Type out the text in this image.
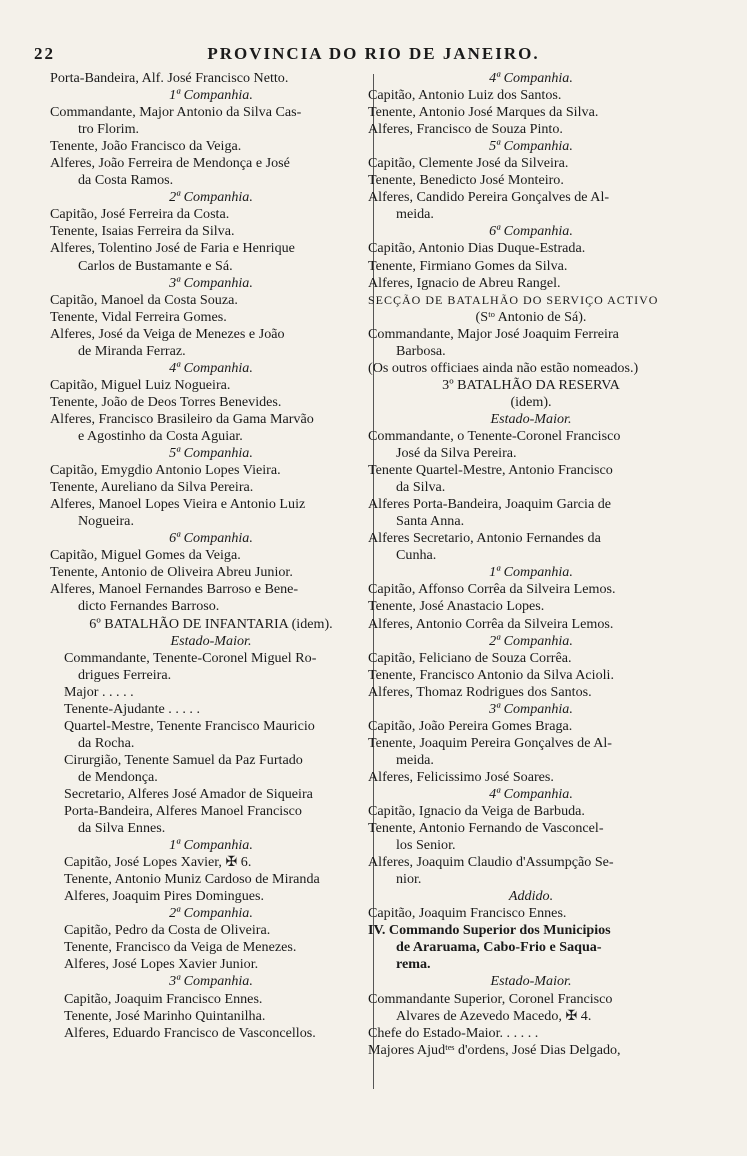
22	PROVINCIA DO RIO DE JANEIRO.
Porta-Bandeira, Alf. José Francisco Netto.
1ª Companhia.
Commandante, Major Antonio da Silva Cas-
tro Florim.
Tenente, João Francisco da Veiga.
Alferes, João Ferreira de Mendonça e José
da Costa Ramos.
2ª Companhia.
Capitão, José Ferreira da Costa.
Tenente, Isaias Ferreira da Silva.
Alferes, Tolentino José de Faria e Henrique
Carlos de Bustamante e Sá.
3ª Companhia.
Capitão, Manoel da Costa Souza.
Tenente, Vidal Ferreira Gomes.
Alferes, José da Veiga de Menezes e João
de Miranda Ferraz.
4ª Companhia.
Capitão, Miguel Luiz Nogueira.
Tenente, João de Deos Torres Benevides.
Alferes, Francisco Brasileiro da Gama Marvão
e Agostinho da Costa Aguiar.
5ª Companhia.
Capitão, Emygdio Antonio Lopes Vieira.
Tenente, Aureliano da Silva Pereira.
Alferes, Manoel Lopes Vieira e Antonio Luiz
Nogueira.
6ª Companhia.
Capitão, Miguel Gomes da Veiga.
Tenente, Antonio de Oliveira Abreu Junior.
Alferes, Manoel Fernandes Barroso e Bene-
dicto Fernandes Barroso.
6º BATALHÃO DE INFANTARIA (idem).
Estado-Maior.
Commandante, Tenente-Coronel Miguel Ro-
drigues Ferreira.
Major . . . . .
Tenente-Ajudante . . . . .
Quartel-Mestre, Tenente Francisco Mauricio
da Rocha.
Cirurgião, Tenente Samuel da Paz Furtado
de Mendonça.
Secretario, Alferes José Amador de Siqueira
Porta-Bandeira, Alferes Manoel Francisco
da Silva Ennes.
1ª Companhia.
Capitão, José Lopes Xavier, ✠ 6.
Tenente, Antonio Muniz Cardoso de Miranda
Alferes, Joaquim Pires Domingues.
2ª Companhia.
Capitão, Pedro da Costa de Oliveira.
Tenente, Francisco da Veiga de Menezes.
Alferes, José Lopes Xavier Junior.
3ª Companhia.
Capitão, Joaquim Francisco Ennes.
Tenente, José Marinho Quintanilha.
Alferes, Eduardo Francisco de Vasconcellos.
4ª Companhia.
Capitão, Antonio Luiz dos Santos.
Tenente, Antonio José Marques da Silva.
Alferes, Francisco de Souza Pinto.
5ª Companhia.
Capitão, Clemente José da Silveira.
Tenente, Benedicto José Monteiro.
Alferes, Candido Pereira Gonçalves de Al-
meida.
6ª Companhia.
Capitão, Antonio Dias Duque-Estrada.
Tenente, Firmiano Gomes da Silva.
Alferes, Ignacio de Abreu Rangel.
SECÇÃO DE BATALHÃO DO SERVIÇO ACTIVO
(Sᵗᵒ Antonio de Sá).
Commandante, Major José Joaquim Ferreira
Barbosa.
(Os outros officiaes ainda não estão nomeados.)
3º BATALHÃO DA RESERVA
(idem).
Estado-Maior.
Commandante, o Tenente-Coronel Francisco
José da Silva Pereira.
Tenente Quartel-Mestre, Antonio Francisco
da Silva.
Alferes Porta-Bandeira, Joaquim Garcia de
Santa Anna.
Alferes Secretario, Antonio Fernandes da
Cunha.
1ª Companhia.
Capitão, Affonso Corrêa da Silveira Lemos.
Tenente, José Anastacio Lopes.
Alferes, Antonio Corrêa da Silveira Lemos.
2ª Companhia.
Capitão, Feliciano de Souza Corrêa.
Tenente, Francisco Antonio da Silva Acioli.
Alferes, Thomaz Rodrigues dos Santos.
3ª Companhia.
Capitão, João Pereira Gomes Braga.
Tenente, Joaquim Pereira Gonçalves de Al-
meida.
Alferes, Felicissimo José Soares.
4ª Companhia.
Capitão, Ignacio da Veiga de Barbuda.
Tenente, Antonio Fernando de Vasconcel-
los Senior.
Alferes, Joaquim Claudio d'Assumpção Se-
nior.
Addido.
Capitão, Joaquim Francisco Ennes.
IV. Commando Superior dos Municipios
de Araruama, Cabo-Frio e Saqua-
rema.
Estado-Maior.
Commandante Superior, Coronel Francisco
Alvares de Azevedo Macedo, ✠ 4.
Chefe do Estado-Maior. . . . . .
Majores Ajudᵗᵉˢ d'ordens, José Dias Delgado,
